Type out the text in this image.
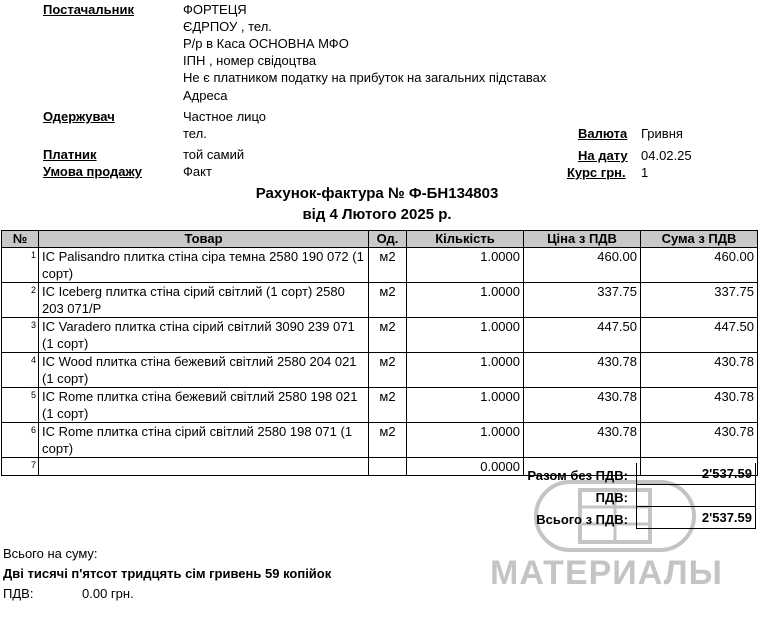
Постачальник	ФОРТЕЦЯ
ЄДРПОУ , тел.
Р/р в Каса ОСНОВНА МФО
ІПН , номер свідоцтва
Не є платником податку на прибуток на загальних підставах
Адреса
Одержувач	Частное лицо
тел.	Валюта Гривня
Платник	той самий	На дату 04.02.25
Умова продажу	Факт	Курс грн. 1
Рахунок-фактура № Ф-БН134803
від 4 Лютого 2025 р.
№	Товар	Од.	Кількість	Ціна з ПДВ	Сума з ПДВ
1	IC Palisandro плитка стіна сіра темна 2580 190 072 (1 сорт)	м2	1.0000	460.00	460.00
2	IC Iceberg плитка стіна сірий світлий (1 сорт) 2580 203 071/Р	м2	1.0000	337.75	337.75
3	IC Varadero плитка стіна сірий світлий 3090 239 071 (1 сорт)	м2	1.0000	447.50	447.50
4	IC Wood плитка стіна бежевий світлий 2580 204 021 (1 сорт)	м2	1.0000	430.78	430.78
5	IC Rome плитка стіна бежевий світлий 2580 198 021 (1 сорт)	м2	1.0000	430.78	430.78
6	IC Rome плитка стіна сірий світлий 2580 198 071 (1 сорт)	м2	1.0000	430.78	430.78
7			0.0000		
МАТЕРИАЛЫ
Разом без ПДВ:	2'537.59
ПДВ:
Всього з ПДВ:	2'537.59
Всього на суму:
Дві тисячі п'ятсот тридцять сім гривень 59 копійок
ПДВ:	0.00 грн.
